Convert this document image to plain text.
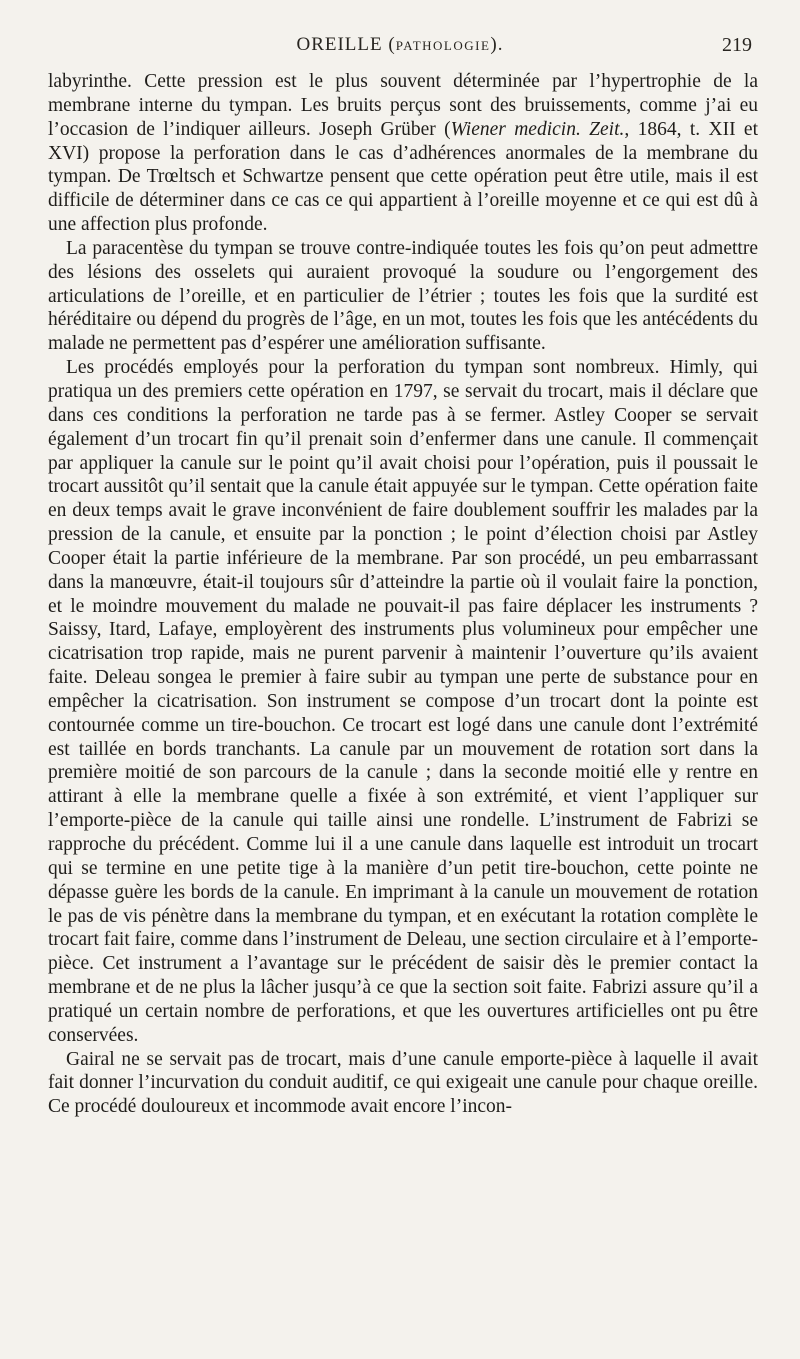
OREILLE (PATHOLOGIE).	219

labyrinthe. Cette pression est le plus souvent déterminée par l’hypertrophie de la membrane interne du tympan. Les bruits perçus sont des bruissements, comme j’ai eu l’occasion de l’indiquer ailleurs. Joseph Grüber (Wiener medicin. Zeit., 1864, t. XII et XVI) propose la perforation dans le cas d’adhérences anormales de la membrane du tympan. De Trœltsch et Schwartze pensent que cette opération peut être utile, mais il est difficile de déterminer dans ce cas ce qui appartient à l’oreille moyenne et ce qui est dû à une affection plus profonde.

La paracentèse du tympan se trouve contre-indiquée toutes les fois qu’on peut admettre des lésions des osselets qui auraient provoqué la soudure ou l’engorgement des articulations de l’oreille, et en particulier de l’étrier ; toutes les fois que la surdité est héréditaire ou dépend du progrès de l’âge, en un mot, toutes les fois que les antécédents du malade ne permettent pas d’espérer une amélioration suffisante.

Les procédés employés pour la perforation du tympan sont nombreux. Himly, qui pratiqua un des premiers cette opération en 1797, se servait du trocart, mais il déclare que dans ces conditions la perforation ne tarde pas à se fermer. Astley Cooper se servait également d’un trocart fin qu’il prenait soin d’enfermer dans une canule. Il commençait par appliquer la canule sur le point qu’il avait choisi pour l’opération, puis il poussait le trocart aussitôt qu’il sentait que la canule était appuyée sur le tympan. Cette opération faite en deux temps avait le grave inconvénient de faire doublement souffrir les malades par la pression de la canule, et ensuite par la ponction ; le point d’élection choisi par Astley Cooper était la partie inférieure de la membrane. Par son procédé, un peu embarrassant dans la manœuvre, était-il toujours sûr d’atteindre la partie où il voulait faire la ponction, et le moindre mouvement du malade ne pouvait-il pas faire déplacer les instruments ? Saissy, Itard, Lafaye, employèrent des instruments plus volumineux pour empêcher une cicatrisation trop rapide, mais ne purent parvenir à maintenir l’ouverture qu’ils avaient faite. Deleau songea le premier à faire subir au tympan une perte de substance pour en empêcher la cicatrisation. Son instrument se compose d’un trocart dont la pointe est contournée comme un tire-bouchon. Ce trocart est logé dans une canule dont l’extrémité est taillée en bords tranchants. La canule par un mouvement de rotation sort dans la première moitié de son parcours de la canule ; dans la seconde moitié elle y rentre en attirant à elle la membrane quelle a fixée à son extrémité, et vient l’appliquer sur l’emporte-pièce de la canule qui taille ainsi une rondelle. L’instrument de Fabrizi se rapproche du précédent. Comme lui il a une canule dans laquelle est introduit un trocart qui se termine en une petite tige à la manière d’un petit tire-bouchon, cette pointe ne dépasse guère les bords de la canule. En imprimant à la canule un mouvement de rotation le pas de vis pénètre dans la membrane du tympan, et en exécutant la rotation complète le trocart fait faire, comme dans l’instrument de Deleau, une section circulaire et à l’emporte-pièce. Cet instrument a l’avantage sur le précédent de saisir dès le premier contact la membrane et de ne plus la lâcher jusqu’à ce que la section soit faite. Fabrizi assure qu’il a pratiqué un certain nombre de perforations, et que les ouvertures artificielles ont pu être conservées.

Gairal ne se servait pas de trocart, mais d’une canule emporte-pièce à laquelle il avait fait donner l’incurvation du conduit auditif, ce qui exigeait une canule pour chaque oreille. Ce procédé douloureux et incommode avait encore l’incon-
